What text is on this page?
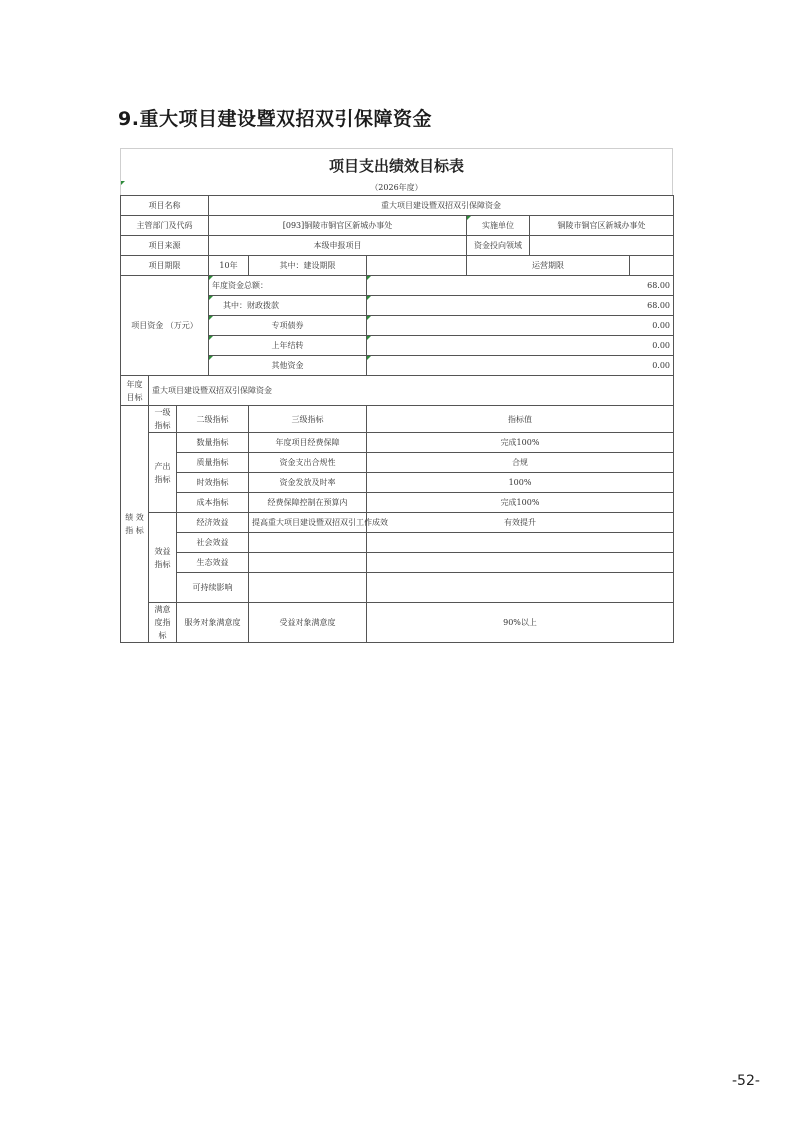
9.重大项目建设暨双招双引保障资金
项目支出绩效目标表
（2026年度）
项目名称			重大项目建设暨双招双引保障资金					
主管部门及代码			[093]铜陵市铜官区新城办事处			实施单位	铜陵市铜官区新城办事处	
项目来源			本级申报项目			资金投向领域		
项目期限			10年	其中：建设期限		运营期限		
项目资金 （万元）			年度资金总额：		68.00			
			其中：财政拨款		68.00			
			专项债券		0.00			
			上年结转		0.00			
			其他资金		0.00			
年度 目标	重大项目建设暨双招双引保障资金							
绩 效 指 标	一级 指标	二级指标		三级指标	指标值			
	产出 指标	数量指标		年度项目经费保障	完成100%			
		质量指标		资金支出合规性	合规			
		时效指标		资金发放及时率	100%			
		成本指标		经费保障控制在预算内	完成100%			
	效益 指标	经济效益		提高重大项目建设暨双招双引工作成效	有效提升			
		社会效益						
		生态效益						
		可持续影响						
	满意 度指 标	服务对象满意度		受益对象满意度	90%以上			

-52-
